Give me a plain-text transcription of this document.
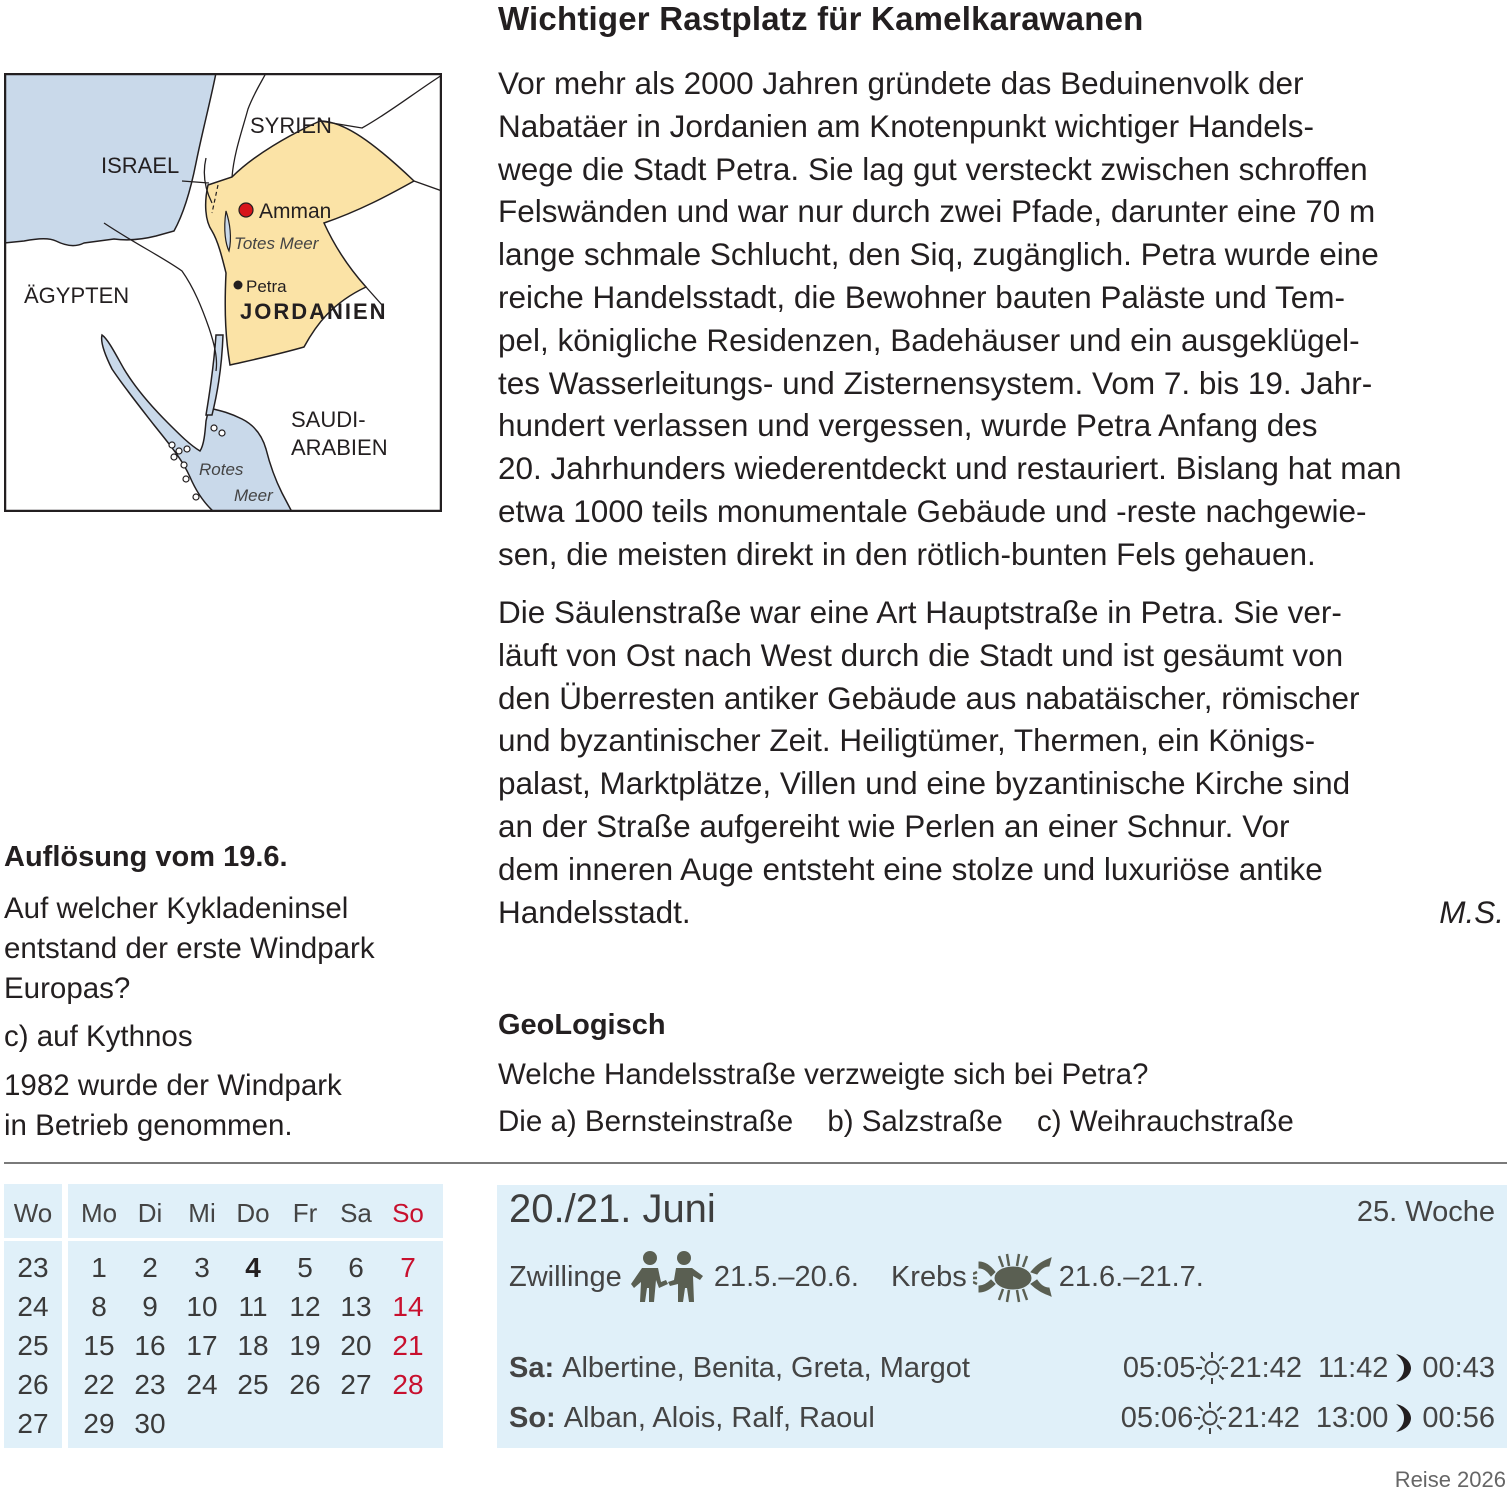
Wichtiger Rastplatz für Kamelkarawanen

Vor mehr als 2000 Jahren gründete das Beduinenvolk der
Nabatäer in Jordanien am Knotenpunkt wichtiger Handels-
wege die Stadt Petra. Sie lag gut versteckt zwischen schroffen
Felswänden und war nur durch zwei Pfade, darunter eine 70 m
lange schmale Schlucht, den Siq, zugänglich. Petra wurde eine
reiche Handelsstadt, die Bewohner bauten Paläste und Tem-
pel, königliche Residenzen, Badehäuser und ein ausgeklügel-
tes Wasserleitungs- und Zisternensystem. Vom 7. bis 19. Jahr-
hundert verlassen und vergessen, wurde Petra Anfang des
20. Jahrhunders wiederentdeckt und restauriert. Bislang hat man
etwa 1000 teils monumentale Gebäude und -reste nachgewie-
sen, die meisten direkt in den rötlich-bunten Fels gehauen.

Die Säulenstraße war eine Art Hauptstraße in Petra. Sie ver-
läuft von Ost nach West durch die Stadt und ist gesäumt von
den Überresten antiker Gebäude aus nabatäischer, römischer
und byzantinischer Zeit. Heiligtümer, Thermen, ein Königs-
palast, Marktplätze, Villen und eine byzantinische Kirche sind
an der Straße aufgereiht wie Perlen an einer Schnur. Vor
dem inneren Auge entsteht eine stolze und luxuriöse antike
Handelsstadt.	M.S.

SYRIEN
ISRAEL
Amman
Totes Meer
Petra
ÄGYPTEN
JORDANIEN
SAUDI-
ARABIEN
Rotes
Meer
Auflösung vom 19.6.

Auf welcher Kykladeninsel
entstand der erste Windpark
Europas?

c) auf Kythnos

1982 wurde der Windpark
in Betrieb genommen.

GeoLogisch
Welche Handelsstraße verzweigte sich bei Petra?
Die a) Bernsteinstraße b) Salzstraße c) Weihrauchstraße
Wo Mo Di	Mi Do Fr Sa So
23	1	2	3	4	5	6	7
24	8	9	10 11 12 13 14
25	15 16 17 18 19 20 21
26	22 23 24 25 26 27 28
27	29 30
20./21. Juni	25. Woche
Zwillinge	21.5.–20.6. Krebs	21.6.–21.7.
Sa: Albertine, Benita, Greta, Margot	05:05 21:42 11:42 00:43
So: Alban, Alois, Ralf, Raoul	05:06 21:42 13:00 00:56
Reise 2026
